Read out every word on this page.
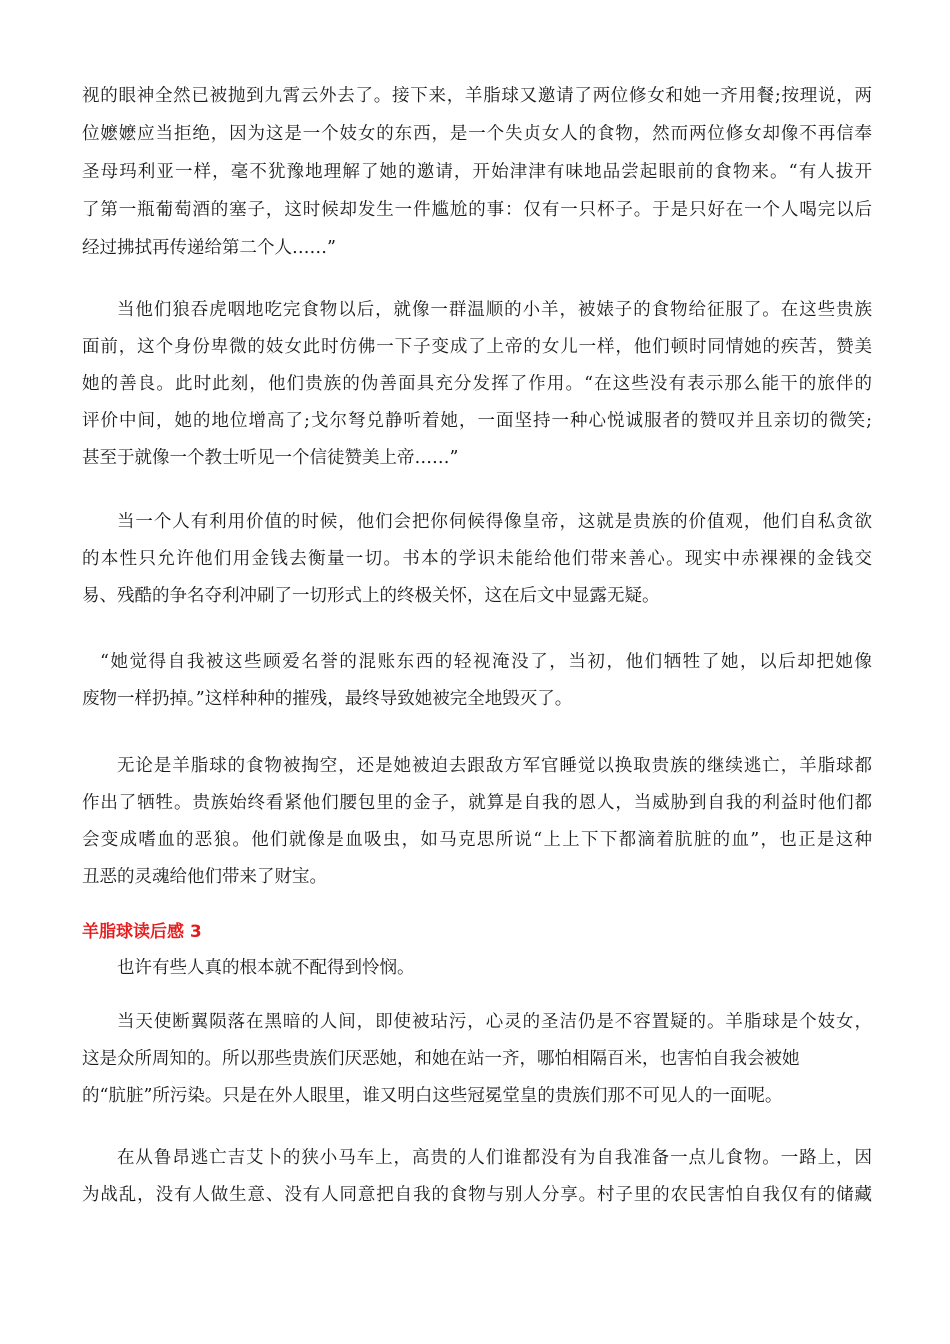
视的眼神全然已被抛到九霄云外去了。接下来，羊脂球又邀请了两位修女和她一齐用餐;按理说，两
位嬷嬷应当拒绝，因为这是一个妓女的东西，是一个失贞女人的食物，然而两位修女却像不再信奉
圣母玛利亚一样，毫不犹豫地理解了她的邀请，开始津津有味地品尝起眼前的食物来。“有人拔开
了第一瓶葡萄酒的塞子，这时候却发生一件尴尬的事：仅有一只杯子。于是只好在一个人喝完以后
经过拂拭再传递给第二个人……”
当他们狼吞虎咽地吃完食物以后，就像一群温顺的小羊，被婊子的食物给征服了。在这些贵族
面前，这个身份卑微的妓女此时仿佛一下子变成了上帝的女儿一样，他们顿时同情她的疾苦，赞美
她的善良。此时此刻，他们贵族的伪善面具充分发挥了作用。“在这些没有表示那么能干的旅伴的
评价中间，她的地位增高了;戈尔弩兑静听着她，一面坚持一种心悦诚服者的赞叹并且亲切的微笑;
甚至于就像一个教士听见一个信徒赞美上帝……”
当一个人有利用价值的时候，他们会把你伺候得像皇帝，这就是贵族的价值观，他们自私贪欲
的本性只允许他们用金钱去衡量一切。书本的学识未能给他们带来善心。现实中赤裸裸的金钱交
易、残酷的争名夺利冲刷了一切形式上的终极关怀，这在后文中显露无疑。
“她觉得自我被这些顾爱名誉的混账东西的轻视淹没了，当初，他们牺牲了她，以后却把她像
废物一样扔掉。”这样种种的摧残，最终导致她被完全地毁灭了。
无论是羊脂球的食物被掏空，还是她被迫去跟敌方军官睡觉以换取贵族的继续逃亡，羊脂球都
作出了牺牲。贵族始终看紧他们腰包里的金子，就算是自我的恩人，当威胁到自我的利益时他们都
会变成嗜血的恶狼。他们就像是血吸虫，如马克思所说“上上下下都滴着肮脏的血”，也正是这种
丑恶的灵魂给他们带来了财宝。
羊脂球读后感 3
也许有些人真的根本就不配得到怜悯。
当天使断翼陨落在黑暗的人间，即使被玷污，心灵的圣洁仍是不容置疑的。羊脂球是个妓女，
这是众所周知的。所以那些贵族们厌恶她，和她在站一齐，哪怕相隔百米，也害怕自我会被她
的“肮脏”所污染。只是在外人眼里，谁又明白这些冠冕堂皇的贵族们那不可见人的一面呢。
在从鲁昂逃亡吉艾卜的狭小马车上，高贵的人们谁都没有为自我准备一点儿食物。一路上，因
为战乱，没有人做生意、没有人同意把自我的食物与别人分享。村子里的农民害怕自我仅有的储藏
